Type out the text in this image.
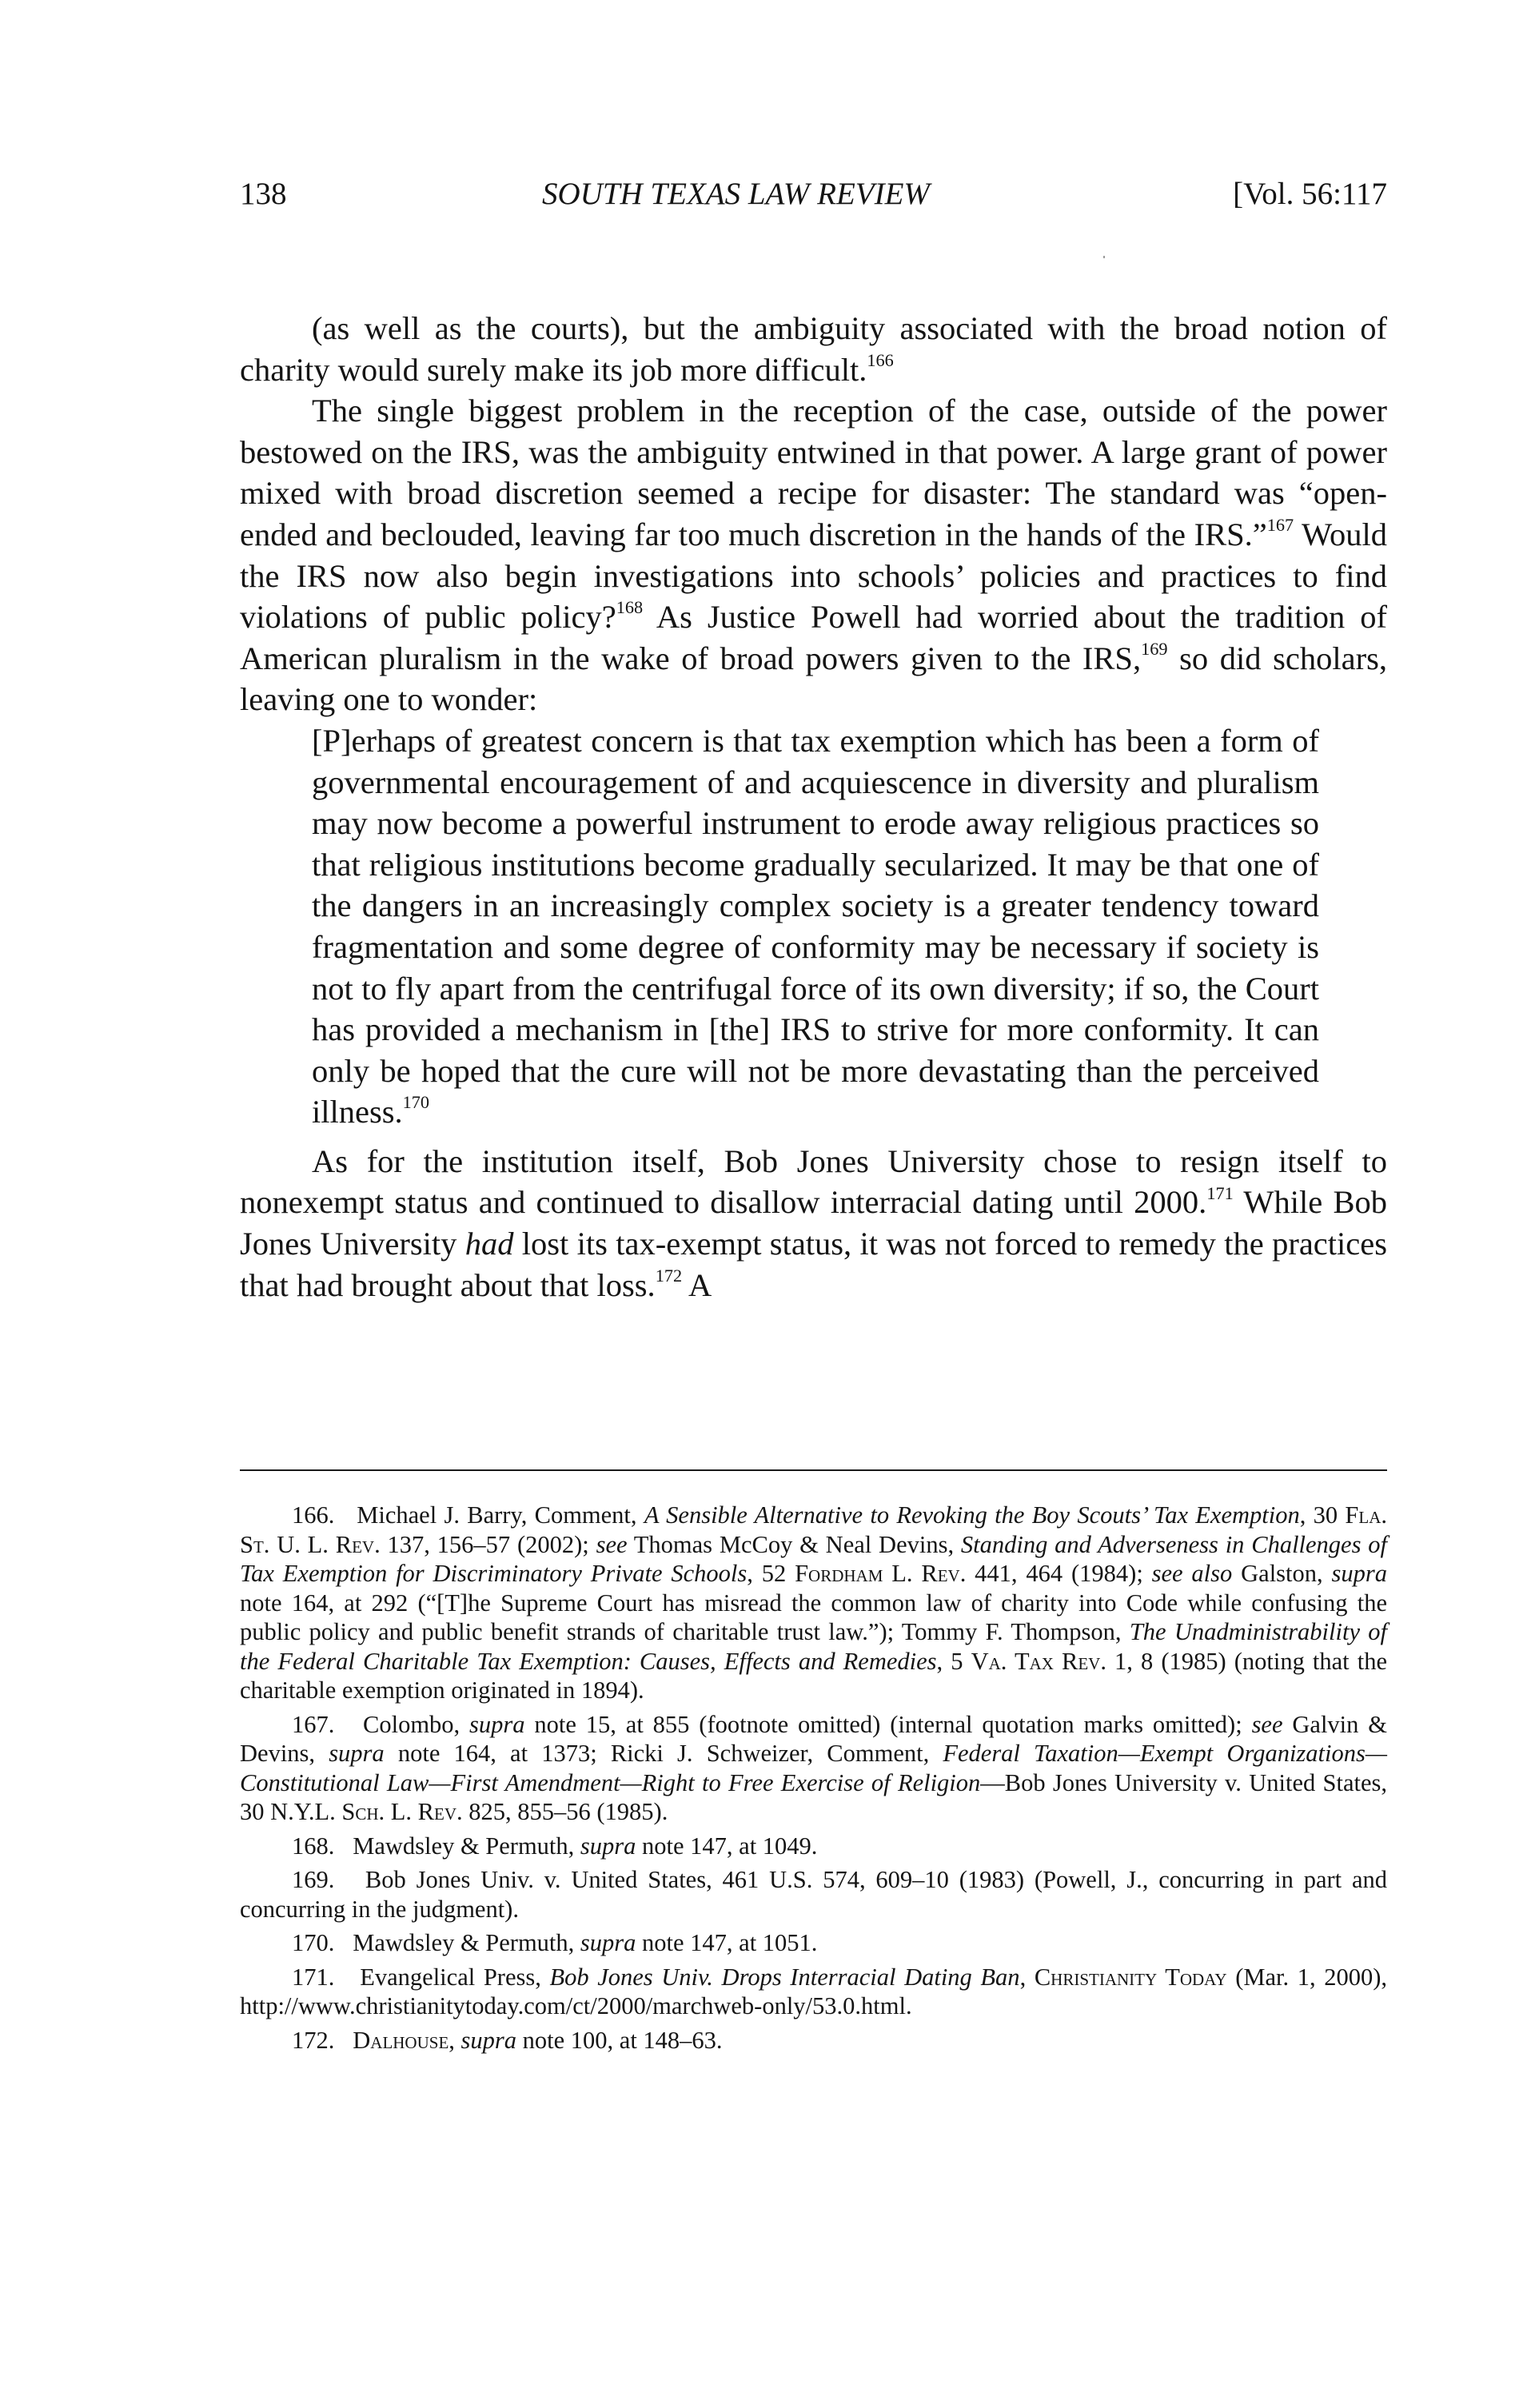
138	SOUTH TEXAS LAW REVIEW	[Vol. 56:117

(as well as the courts), but the ambiguity associated with the broad notion of charity would surely make its job more difficult.$^{166}$

The single biggest problem in the reception of the case, outside of the power bestowed on the IRS, was the ambiguity entwined in that power. A large grant of power mixed with broad discretion seemed a recipe for disaster: The standard was “open-ended and beclouded, leaving far too much discretion in the hands of the IRS.”$^{167}$ Would the IRS now also begin investigations into schools’ policies and practices to find violations of public policy?$^{168}$ As Justice Powell had worried about the tradition of American pluralism in the wake of broad powers given to the IRS,$^{169}$ so did scholars, leaving one to wonder:

[P]erhaps of greatest concern is that tax exemption which has been a form of governmental encouragement of and acquiescence in diversity and pluralism may now become a powerful instrument to erode away religious practices so that religious institutions become gradually secularized. It may be that one of the dangers in an increasingly complex society is a greater tendency toward fragmentation and some degree of conformity may be necessary if society is not to fly apart from the centrifugal force of its own diversity; if so, the Court has provided a mechanism in [the] IRS to strive for more conformity. It can only be hoped that the cure will not be more devastating than the perceived illness.$^{170}$

As for the institution itself, Bob Jones University chose to resign itself to nonexempt status and continued to disallow interracial dating until 2000.$^{171}$ While Bob Jones University had lost its tax-exempt status, it was not forced to remedy the practices that had brought about that loss.$^{172}$ A

166. Michael J. Barry, Comment, A Sensible Alternative to Revoking the Boy Scouts’ Tax Exemption, 30 Fla. St. U. L. Rev. 137, 156–57 (2002); see Thomas McCoy & Neal Devins, Standing and Adverseness in Challenges of Tax Exemption for Discriminatory Private Schools, 52 Fordham L. Rev. 441, 464 (1984); see also Galston, supra note 164, at 292 (“[T]he Supreme Court has misread the common law of charity into Code while confusing the public policy and public benefit strands of charitable trust law.”); Tommy F. Thompson, The Unadministrability of the Federal Charitable Tax Exemption: Causes, Effects and Remedies, 5 Va. Tax Rev. 1, 8 (1985) (noting that the charitable exemption originated in 1894).

167. Colombo, supra note 15, at 855 (footnote omitted) (internal quotation marks omitted); see Galvin & Devins, supra note 164, at 1373; Ricki J. Schweizer, Comment, Federal Taxation—Exempt Organizations—Constitutional Law—First Amendment—Right to Free Exercise of Religion—Bob Jones University v. United States, 30 N.Y.L. Sch. L. Rev. 825, 855–56 (1985).

168. Mawdsley & Permuth, supra note 147, at 1049.

169. Bob Jones Univ. v. United States, 461 U.S. 574, 609–10 (1983) (Powell, J., concurring in part and concurring in the judgment).

170. Mawdsley & Permuth, supra note 147, at 1051.

171. Evangelical Press, Bob Jones Univ. Drops Interracial Dating Ban, Christianity Today (Mar. 1, 2000), http://www.christianitytoday.com/ct/2000/marchweb-only/53.0.html.

172. Dalhouse, supra note 100, at 148–63.
